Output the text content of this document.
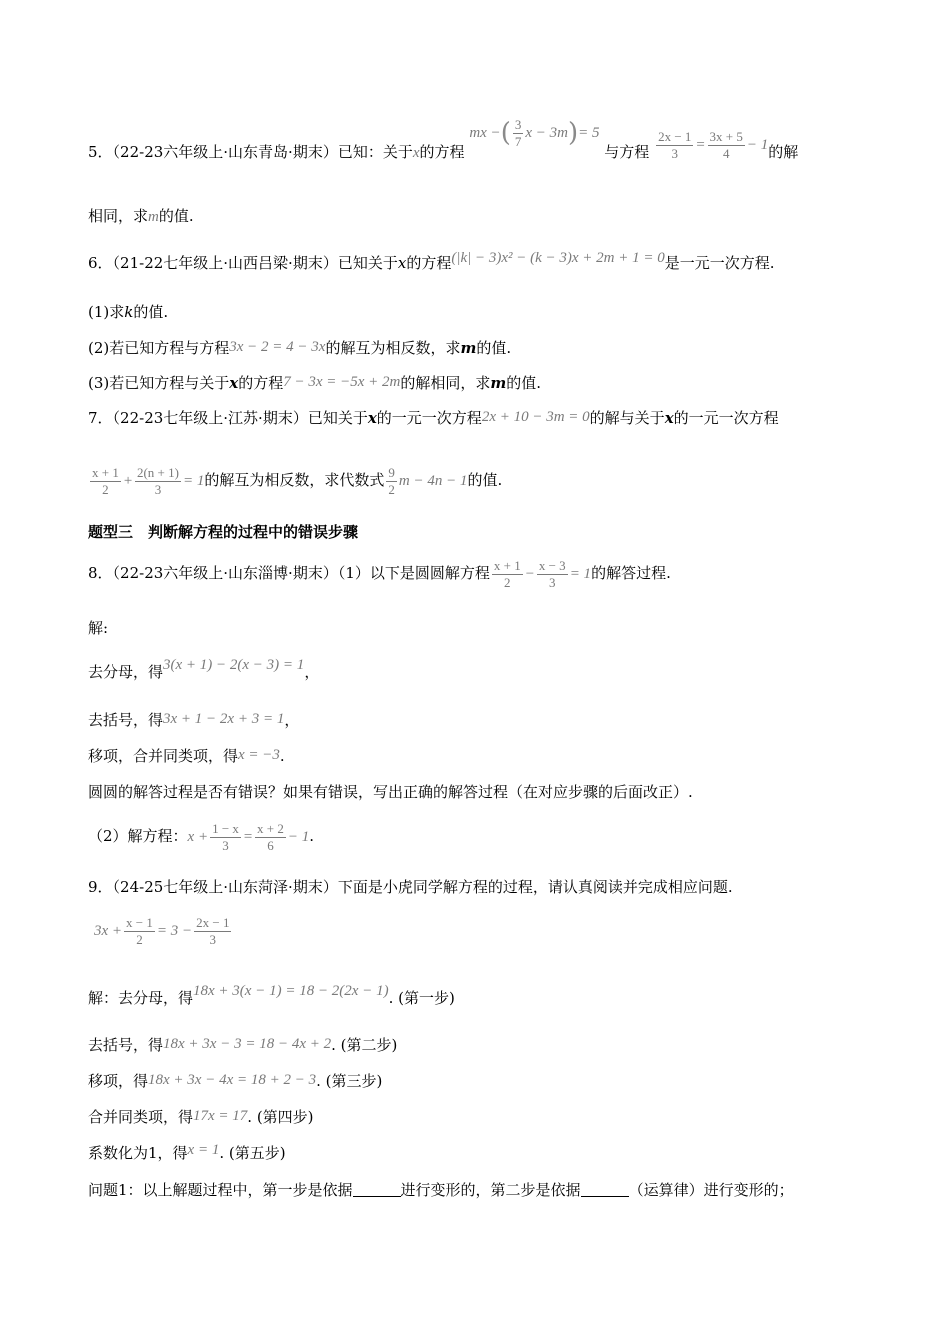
5．（22-23六年级上·山东青岛·期末）已知：关于x的方程 mx −( $\frac{3}{7}$ x − 3m)= 5 与方程 $\frac{2x - 1}{3} = \frac{3x + 5}{4} - 1$的解
相同，求m的值.
6．（21-22七年级上·山西吕梁·期末）已知关于x的方程(|k| − 3)x² − (k − 3)x + 2m + 1 = 0是一元一次方程.
(1)求k的值.
(2)若已知方程与方程3x − 2 = 4 − 3x的解互为相反数，求m的值.
(3)若已知方程与关于x的方程7 − 3x = −5x + 2m的解相同，求m的值.
7．（22-23七年级上·江苏·期末）已知关于x的一元一次方程2x + 10 − 3m = 0的解与关于x的一元一次方程
$\frac{x + 1}{2} + \frac{2(n + 1)}{3} = 1$的解互为相反数，求代数式 $\frac{9}{2}$ m − 4n − 1的值.
题型三　判断解方程的过程中的错误步骤
8．（22-23六年级上·山东淄博·期末）（1）以下是圆圆解方程 $\frac{x + 1}{2} - \frac{x - 3}{3} = 1$的解答过程.
解:
去分母，得3(x + 1) − 2(x − 3) = 1，
去括号，得3x + 1 − 2x + 3 = 1，
移项，合并同类项，得x = −3.
圆圆的解答过程是否有错误？如果有错误，写出正确的解答过程（在对应步骤的后面改正）.
（2）解方程：$x + \frac{1 - x}{3} = \frac{x + 2}{6} - 1$.
9．（24-25七年级上·山东菏泽·期末）下面是小虎同学解方程的过程，请认真阅读并完成相应问题.
$3x + \frac{x - 1}{2} = 3 - \frac{2x - 1}{3}$
解：去分母，得18x + 3(x − 1) = 18 − 2(2x − 1). (第一步)
去括号，得18x + 3x − 3 = 18 − 4x + 2. (第二步)
移项，得18x + 3x − 4x = 18 + 2 − 3. (第三步)
合并同类项，得17x = 17. (第四步)
系数化为1，得x = 1. (第五步)
问题1：以上解题过程中，第一步是依据	进行变形的，第二步是依据	（运算律）进行变形的；
